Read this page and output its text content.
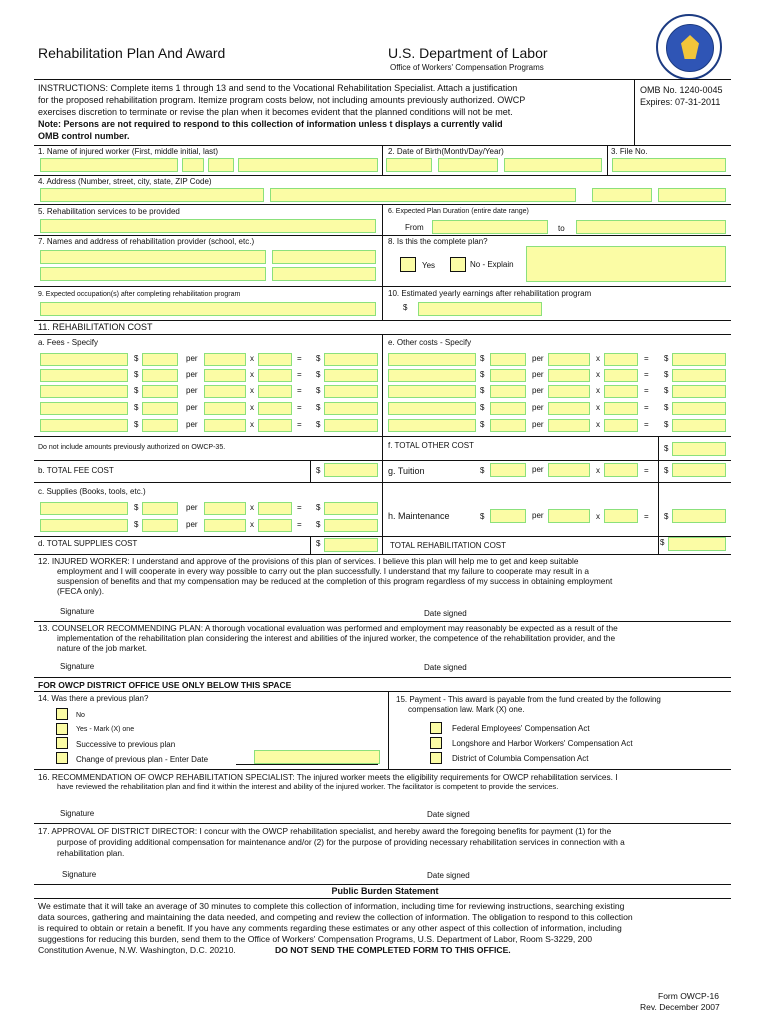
Rehabilitation Plan And Award	U.S. Department of Labor
Office of Workers' Compensation Programs
INSTRUCTIONS: Complete items 1 through 13 and send to the Vocational Rehabilitation Specialist. Attach a justification
for the proposed rehabilitation program. Itemize program costs below, not including amounts previously authorized. OWCP
exercises discretion to terminate or revise the plan when it becomes evident that the planned conditions will not be met.
Note: Persons are not required to respond to this collection of information unless t displays a currently valid
OMB control number.
OMB No. 1240-0045
Expires: 07-31-2011
1. Name of injured worker (First, middle initial, last)	2. Date of Birth(Month/Day/Year)	3. File No.
4. Address (Number, street, city, state, ZIP Code)
5. Rehabilitation services to be provided	6. Expected Plan Duration (entire date range)
From	to
7. Names and address of rehabilitation provider (school, etc.)	8. Is this the complete plan?
Yes	No - Explain
9. Expected occupation(s) after completing rehabilitation program	10. Estimated yearly earnings after rehabilitation program
$
11. REHABILITATION COST
a. Fees - Specify	e. Other costs - Specify
$	per	x	= $	$	per	x	= $
$	per	x	= $	$	per	x	= $
$	per	x	= $	$	per	x	= $
$	per	x	= $	$	per	x	= $
$	per	x	= $	$	per	x	= $
Do not include amounts previously authorized on OWCP-35.	f. TOTAL OTHER COST	$
b. TOTAL FEE COST	$	g. Tuition	$	per	x	= $
c. Supplies (Books, tools, etc.)
$	per	x	= $
$	per	x	= $
h. Maintenance	$	per	x	= $
d. TOTAL SUPPLIES COST	$	TOTAL REHABILITATION COST	$
12. INJURED WORKER: I understand and approve of the provisions of this plan of services. I believe this plan will help me to get and keep suitable
employment and I will cooperate in every way possible to carry out the plan successfully. I understand that my failure to cooperate may result in a
suspension of benefits and that my compensation may be reduced at the completion of this program regardless of my success in obtaining employment
(FECA only).
Signature	Date signed
13. COUNSELOR RECOMMENDING PLAN: A thorough vocational evaluation was performed and employment may reasonably be expected as a result of the
implementation of the rehabilitation plan considering the interest and abilities of the injured worker, the competence of the rehabilitation provider, and the
nature of the job market.
Signature	Date signed
FOR OWCP DISTRICT OFFICE USE ONLY BELOW THIS SPACE
14. Was there a previous plan?
No
Yes - Mark (X) one
Successive to previous plan
Change of previous plan - Enter Date
15. Payment - This award is payable from the fund created by the following
compensation law. Mark (X) one.
Federal Employees' Compensation Act
Longshore and Harbor Workers' Compensation Act
District of Columbia Compensation Act
16. RECOMMENDATION OF OWCP REHABILITATION SPECIALIST: The injured worker meets the eligibility requirements for OWCP rehabilitation services. I
have reviewed the rehabilitation plan and find it within the interest and ability of the injured worker. The facilitator is competent to provide the services.
Signature	Date signed
17. APPROVAL OF DISTRICT DIRECTOR: I concur with the OWCP rehabilitation specialist, and hereby award the foregoing benefits for payment (1) for the
purpose of providing additional compensation for maintenance and/or (2) for the purpose of providing necessary rehabilitation services in connection with a
rehabilitation plan.
Signature	Date signed
Public Burden Statement
We estimate that it will take an average of 30 minutes to complete this collection of information, including time for reviewing instructions, searching existing
data sources, gathering and maintaining the data needed, and competing and review the collection of information. The obligation to respond to this collection
is required to obtain or retain a benefit. If you have any comments regarding these estimates or any other aspect of this collection of information, including
suggestions for reducing this burden, send them to the Office of Workers' Compensation Programs, U.S. Department of Labor, Room S-3229, 200
Constitution Avenue, N.W. Washington, D.C. 20210.	DO NOT SEND THE COMPLETED FORM TO THIS OFFICE.
Form OWCP-16
Rev. December 2007
